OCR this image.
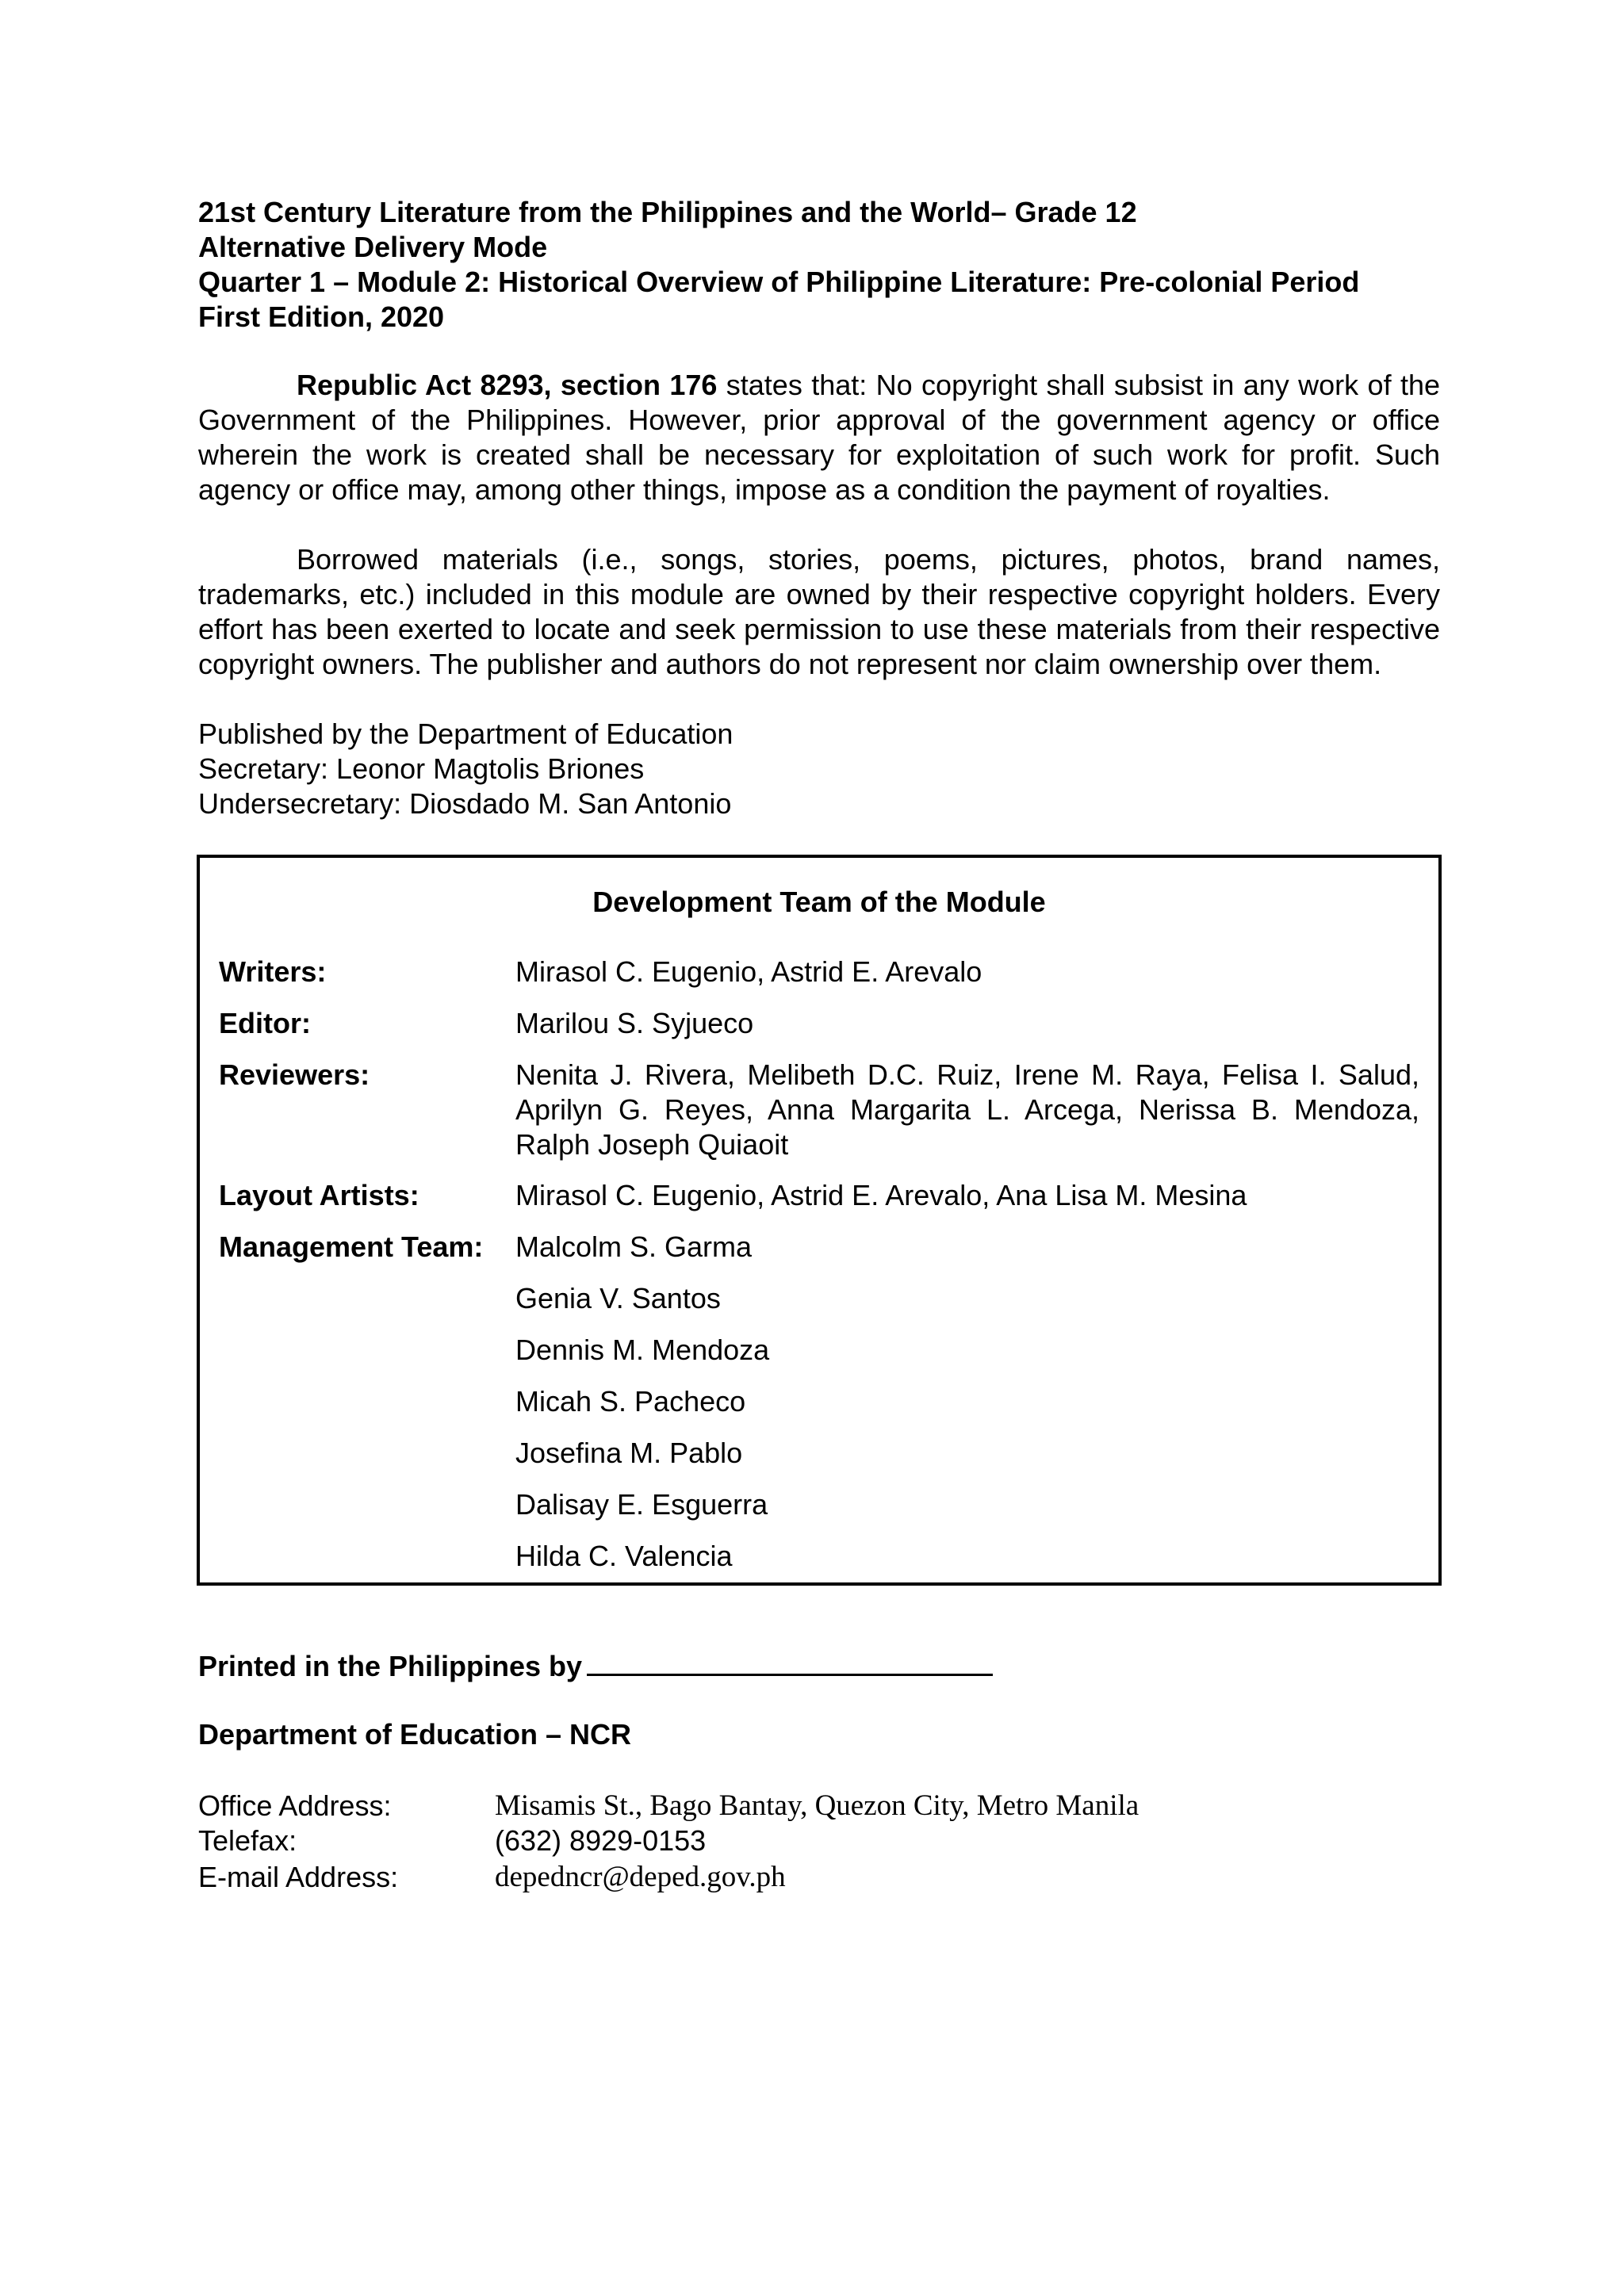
21st Century Literature from the Philippines and the World– Grade 12

Alternative Delivery Mode

Quarter 1 – Module 2: Historical Overview of Philippine Literature: Pre-colonial Period

First Edition, 2020

Republic Act 8293, section 176 states that: No copyright shall subsist in any work of the Government of the Philippines. However, prior approval of the government agency or office wherein the work is created shall be necessary for exploitation of such work for profit. Such agency or office may, among other things, impose as a condition the payment of royalties.

Borrowed materials (i.e., songs, stories, poems, pictures, photos, brand names, trademarks, etc.) included in this module are owned by their respective copyright holders. Every effort has been exerted to locate and seek permission to use these materials from their respective copyright owners. The publisher and authors do not represent nor claim ownership over them.

Published by the Department of Education

Secretary: Leonor Magtolis Briones

Undersecretary: Diosdado M. San Antonio

Development Team of the Module
Writers:	Mirasol C. Eugenio, Astrid E. Arevalo
Editor:	Marilou S. Syjueco
Reviewers:	Nenita J. Rivera, Melibeth D.C. Ruiz, Irene M. Raya, Felisa I. Salud, Aprilyn G. Reyes, Anna Margarita L. Arcega, Nerissa B. Mendoza, Ralph Joseph Quiaoit
Layout Artists:	Mirasol C. Eugenio, Astrid E. Arevalo, Ana Lisa M. Mesina
Management Team: Malcolm S. Garma
Genia V. Santos
Dennis M. Mendoza
Micah S. Pacheco
Josefina M. Pablo
Dalisay E. Esguerra
Hilda C. Valencia
Printed in the Philippines by
Department of Education – NCR
Office Address:	Misamis St., Bago Bantay, Quezon City, Metro Manila
Telefax:	(632) 8929-0153
E-mail Address:	depedncr@deped.gov.ph
